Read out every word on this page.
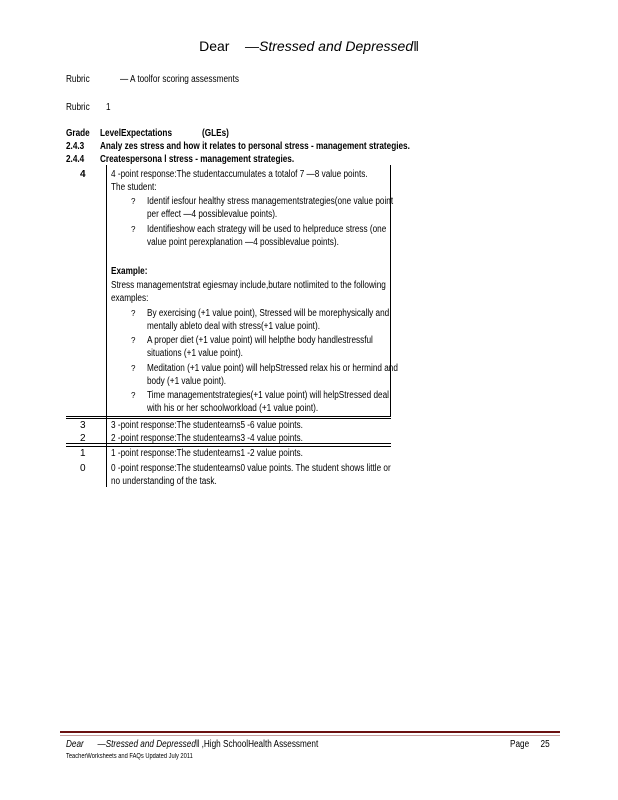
Dear —Stressed and Depressed‖
Rubric	— A toolfor scoring assessments
Rubric	1
Grade	LevelExpectations	(GLEs)
2.4.3	Analy zes stress and how it relates to personal stress - management strategies.
2.4.4	Createspersona l stress - management strategies.
4	4 -point response:The studentaccumulates a totalof 7 —8 value points.
The student:
? Identif iesfour healthy stress managementstrategies(one value point
per effect —4 possiblevalue points).
? Identifieshow each strategy will be used to helpreduce stress (one
value point perexplanation —4 possiblevalue points).
Example:
Stress managementstrat egiesmay include,butare notlimited to the following
examples:
? By exercising (+1 value point), Stressed will be morephysically and
mentally ableto deal with stress(+1 value point).
? A proper diet (+1 value point) will helpthe body handlestressful
situations (+1 value point).
? Meditation (+1 value point) will helpStressed relax his or hermind and
body (+1 value point).
? Time managementstrategies(+1 value point) will helpStressed deal
with his or her schoolworkload (+1 value point).
3	3 -point response:The studentearns5 -6 value points.
2	2 -point response:The studentearns3 -4 value points.
1	1 -point response:The studentearns1 -2 value points.
0	0 -point response:The studentearns0 value points. The student shows little or
no understanding of the task.
Dear —Stressed and Depressed‖ ,High SchoolHealth Assessment	Page 25
TeacherWorksheets and FAQs Updated July 2011
